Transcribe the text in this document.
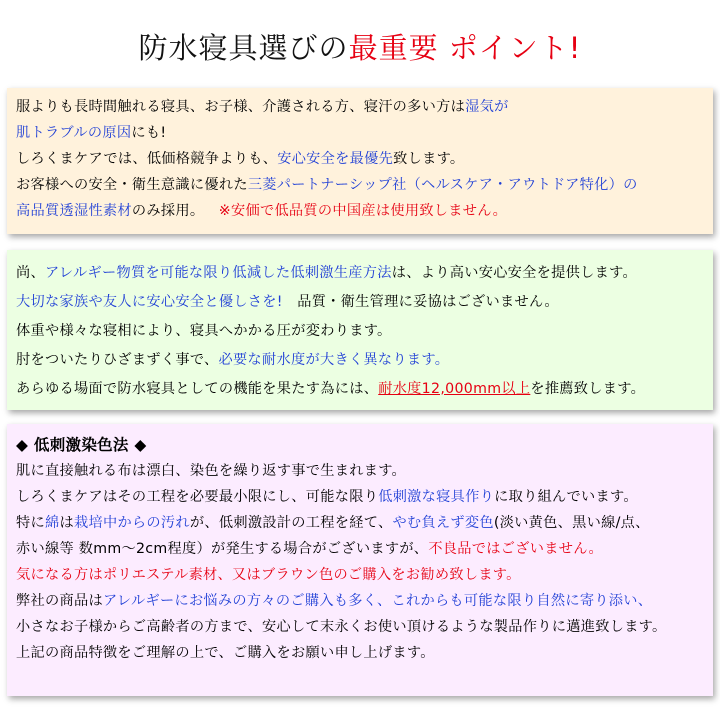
防水寝具選びの最重要 ポイント!
服よりも長時間触れる寝具、お子様、介護される方、寝汗の多い方は湿気が
肌トラブルの原因にも!
しろくまケアでは、低価格競争よりも、安心安全を最優先致します。
お客様への安全・衛生意識に優れた三菱パートナーシップ社（ヘルスケア・アウトドア特化）の
高品質透湿性素材のみ採用。 ※安価で低品質の中国産は使用致しません。
尚、アレルギー物質を可能な限り低減した低刺激生産方法は、より高い安心安全を提供します。
大切な家族や友人に安心安全と優しさを! 品質・衛生管理に妥協はございません。
体重や様々な寝相により、寝具へかかる圧が変わります。
肘をついたりひざまずく事で、必要な耐水度が大きく異なります。
あらゆる場面で防水寝具としての機能を果たす為には、耐水度12,000mm以上を推薦致します。
◆ 低刺激染色法 ◆
肌に直接触れる布は漂白、染色を繰り返す事で生まれます。
しろくまケアはその工程を必要最小限にし、可能な限り低刺激な寝具作りに取り組んでいます。
特に綿は栽培中からの汚れが、低刺激設計の工程を経て、やむ負えず変色(淡い黄色、黒い線/点、
赤い線等 数mm～2cm程度）が発生する場合がございますが、不良品ではございません。
気になる方はポリエステル素材、又はブラウン色のご購入をお勧め致します。
弊社の商品はアレルギーにお悩みの方々のご購入も多く、これからも可能な限り自然に寄り添い、
小さなお子様からご高齢者の方まで、安心して末永くお使い頂けるような製品作りに邁進致します。
上記の商品特徴をご理解の上で、ご購入をお願い申し上げます。
